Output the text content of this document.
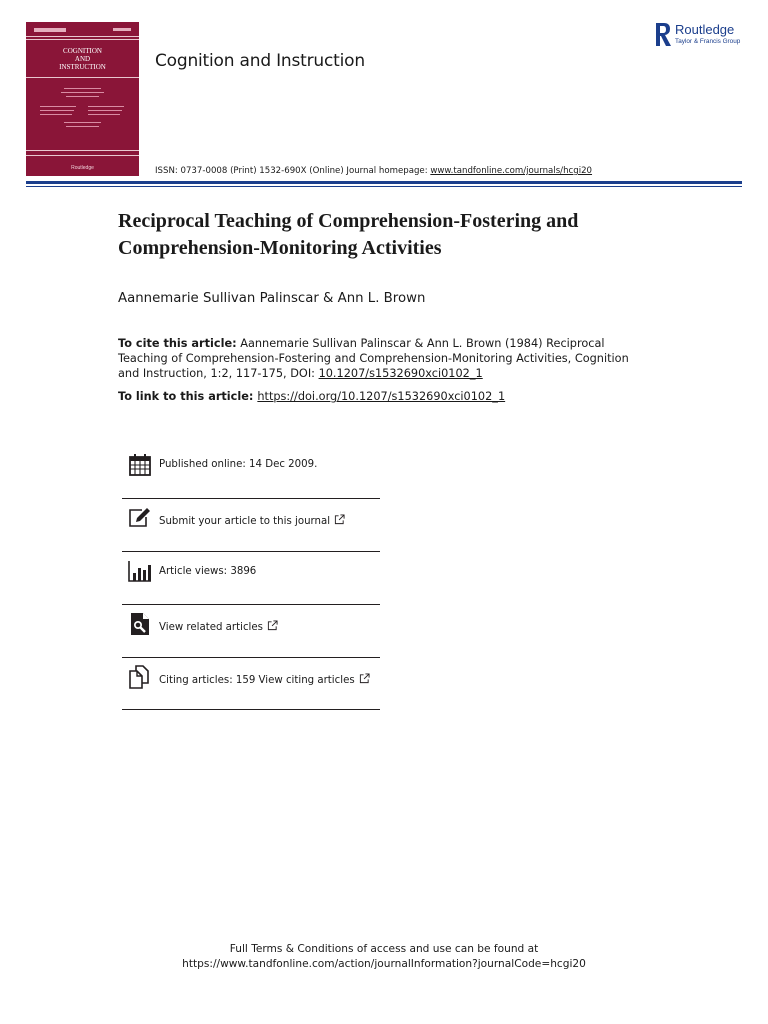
COGNITION
AND
INSTRUCTION
Routledge
Cognition and Instruction
ISSN: 0737-0008 (Print) 1532-690X (Online) Journal homepage: www.tandfonline.com/journals/hcgi20
Routledge
Taylor & Francis Group
Reciprocal Teaching of Comprehension-Fostering and
Comprehension-Monitoring Activities
Aannemarie Sullivan Palinscar & Ann L. Brown
To cite this article: Aannemarie Sullivan Palinscar & Ann L. Brown (1984) Reciprocal Teaching of Comprehension-Fostering and Comprehension-Monitoring Activities, Cognition and Instruction, 1:2, 117-175, DOI: 10.1207/s1532690xci0102_1
To link to this article: https://doi.org/10.1207/s1532690xci0102_1
Published online: 14 Dec 2009.
Submit your article to this journal
Article views: 3896
View related articles
Citing articles: 159 View citing articles
Full Terms & Conditions of access and use can be found at
https://www.tandfonline.com/action/journalInformation?journalCode=hcgi20
